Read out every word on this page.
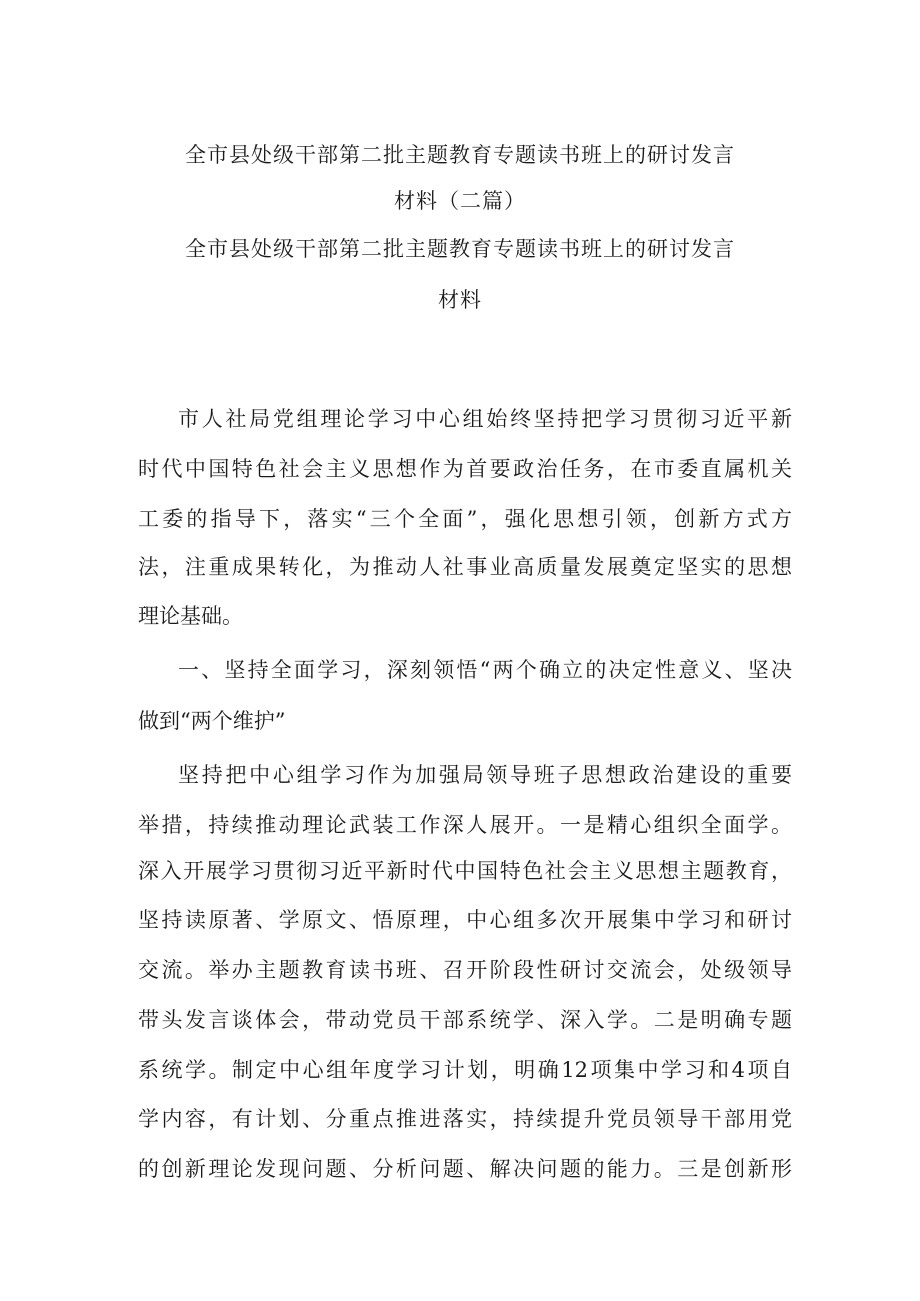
全市县处级干部第二批主题教育专题读书班上的研讨发言
材料（二篇）
全市县处级干部第二批主题教育专题读书班上的研讨发言
材料
市人社局党组理论学习中心组始终坚持把学习贯彻习近平新
时代中国特色社会主义思想作为首要政治任务，在市委直属机关
工委的指导下，落实“三个全面”，强化思想引领，创新方式方
法，注重成果转化，为推动人社事业高质量发展奠定坚实的思想
理论基础。
一、坚持全面学习，深刻领悟“两个确立的决定性意义、坚决
做到“两个维护”
坚持把中心组学习作为加强局领导班子思想政治建设的重要
举措，持续推动理论武装工作深人展开。一是精心组织全面学。
深入开展学习贯彻习近平新时代中国特色社会主义思想主题教育，
坚持读原著、学原文、悟原理，中心组多次开展集中学习和研讨
交流。举办主题教育读书班、召开阶段性研讨交流会，处级领导
带头发言谈体会，带动党员干部系统学、深入学。二是明确专题
系统学。制定中心组年度学习计划，明确12项集中学习和4项自
学内容，有计划、分重点推进落实，持续提升党员领导干部用党
的创新理论发现问题、分析问题、解决问题的能力。三是创新形
